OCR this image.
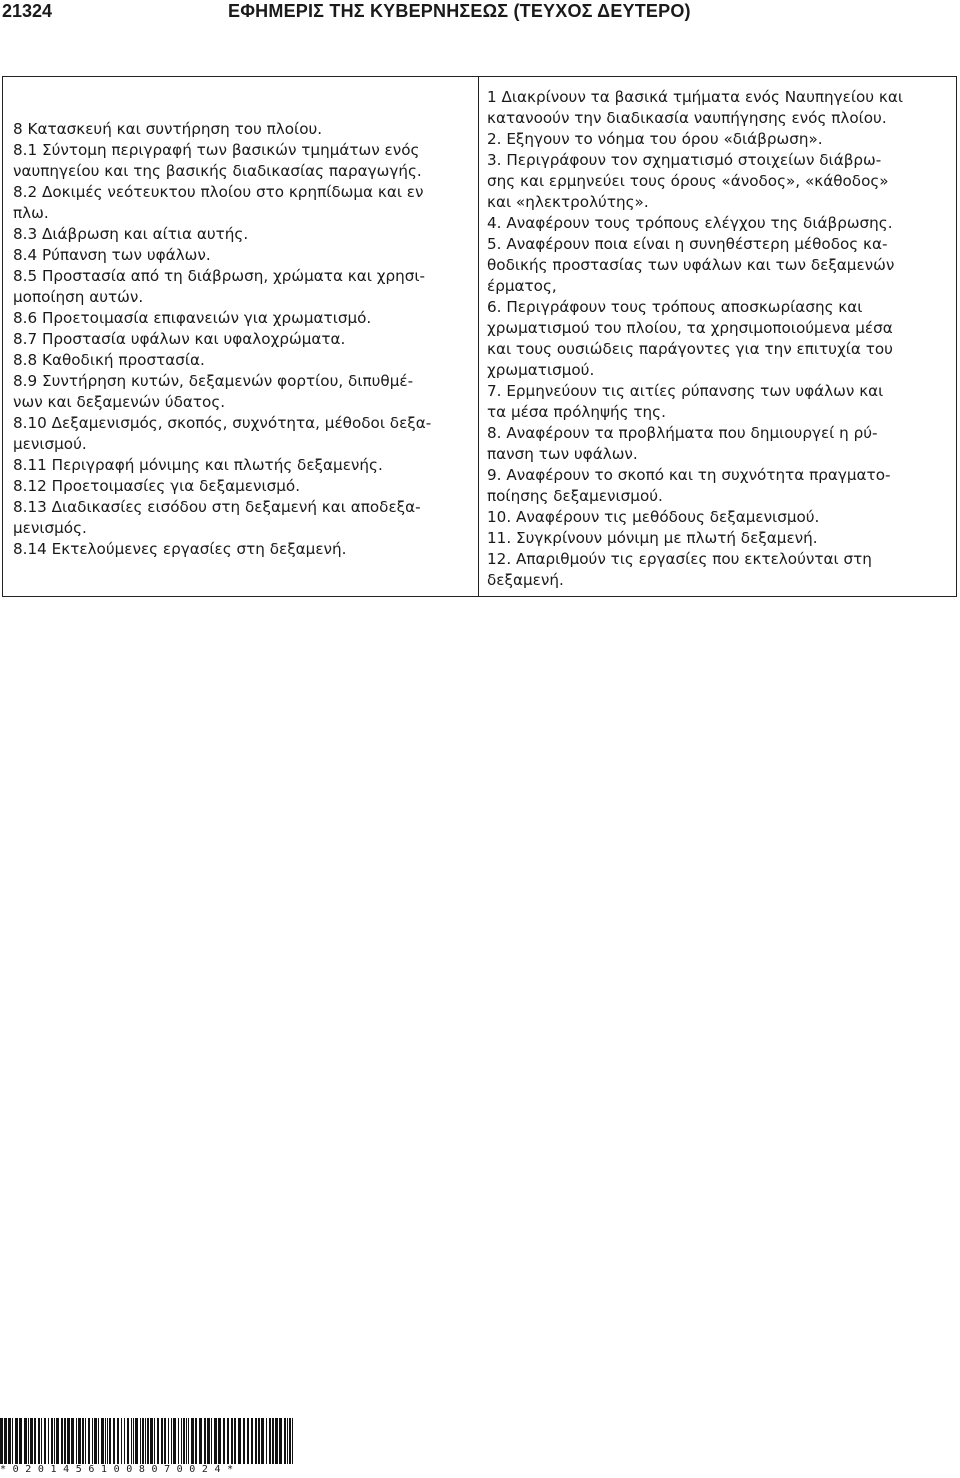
21324	ΕΦΗΜΕΡΙΣ ΤΗΣ ΚΥΒΕΡΝΗΣΕΩΣ (ΤΕΥΧΟΣ ΔΕΥΤΕΡΟ)
8 Κατασκευή και συντήρηση του πλοίου.
8.1 Σύντομη περιγραφή των βασικών τμημάτων ενός
ναυπηγείου και της βασικής διαδικασίας παραγωγής.
8.2 Δοκιμές νεότευκτου πλοίου στο κρηπίδωμα και εν
πλω.
8.3 Διάβρωση και αίτια αυτής.
8.4 Ρύπανση των υφάλων.
8.5 Προστασία από τη διάβρωση, χρώματα και χρησι-
μοποίηση αυτών.
8.6 Προετοιμασία επιφανειών για χρωματισμό.
8.7 Προστασία υφάλων και υφαλοχρώματα.
8.8 Καθοδική προστασία.
8.9 Συντήρηση κυτών, δεξαμενών φορτίου, διπυθμέ-
νων και δεξαμενών ύδατος.
8.10 Δεξαμενισμός, σκοπός, συχνότητα, μέθοδοι δεξα-
μενισμού.
8.11 Περιγραφή μόνιμης και πλωτής δεξαμενής.
8.12 Προετοιμασίες για δεξαμενισμό.
8.13 Διαδικασίες εισόδου στη δεξαμενή και αποδεξα-
μενισμός.
8.14 Εκτελούμενες εργασίες στη δεξαμενή.
1 Διακρίνουν τα βασικά τμήματα ενός Ναυπηγείου και
κατανοούν την διαδικασία ναυπήγησης ενός πλοίου.
2. Εξηγουν το νόημα του όρου «διάβρωση».
3. Περιγράφουν τον σχηματισμό στοιχείων διάβρω-
σης και ερμηνεύει τους όρους «άνοδος», «κάθοδος»
και «ηλεκτρολύτης».
4. Αναφέρουν τους τρόπους ελέγχου της διάβρωσης.
5. Αναφέρουν ποια είναι η συνηθέστερη μέθοδος κα-
θοδικής προστασίας των υφάλων και των δεξαμενών
έρματος,
6. Περιγράφουν τους τρόπους αποσκωρίασης και
χρωματισμού του πλοίου, τα χρησιμοποιούμενα μέσα
και τους ουσιώδεις παράγοντες για την επιτυχία του
χρωματισμού.
7. Ερμηνεύουν τις αιτίες ρύπανσης των υφάλων και
τα μέσα πρόληψής της.
8. Αναφέρουν τα προβλήματα που δημιουργεί η ρύ-
πανση των υφάλων.
9. Αναφέρουν το σκοπό και τη συχνότητα πραγματο-
ποίησης δεξαμενισμού.
10. Αναφέρουν τις μεθόδους δεξαμενισμού.
11. Συγκρίνουν μόνιμη με πλωτή δεξαμενή.
12. Απαριθμούν τις εργασίες που εκτελούνται στη
δεξαμενή.
*02014561008070024*
